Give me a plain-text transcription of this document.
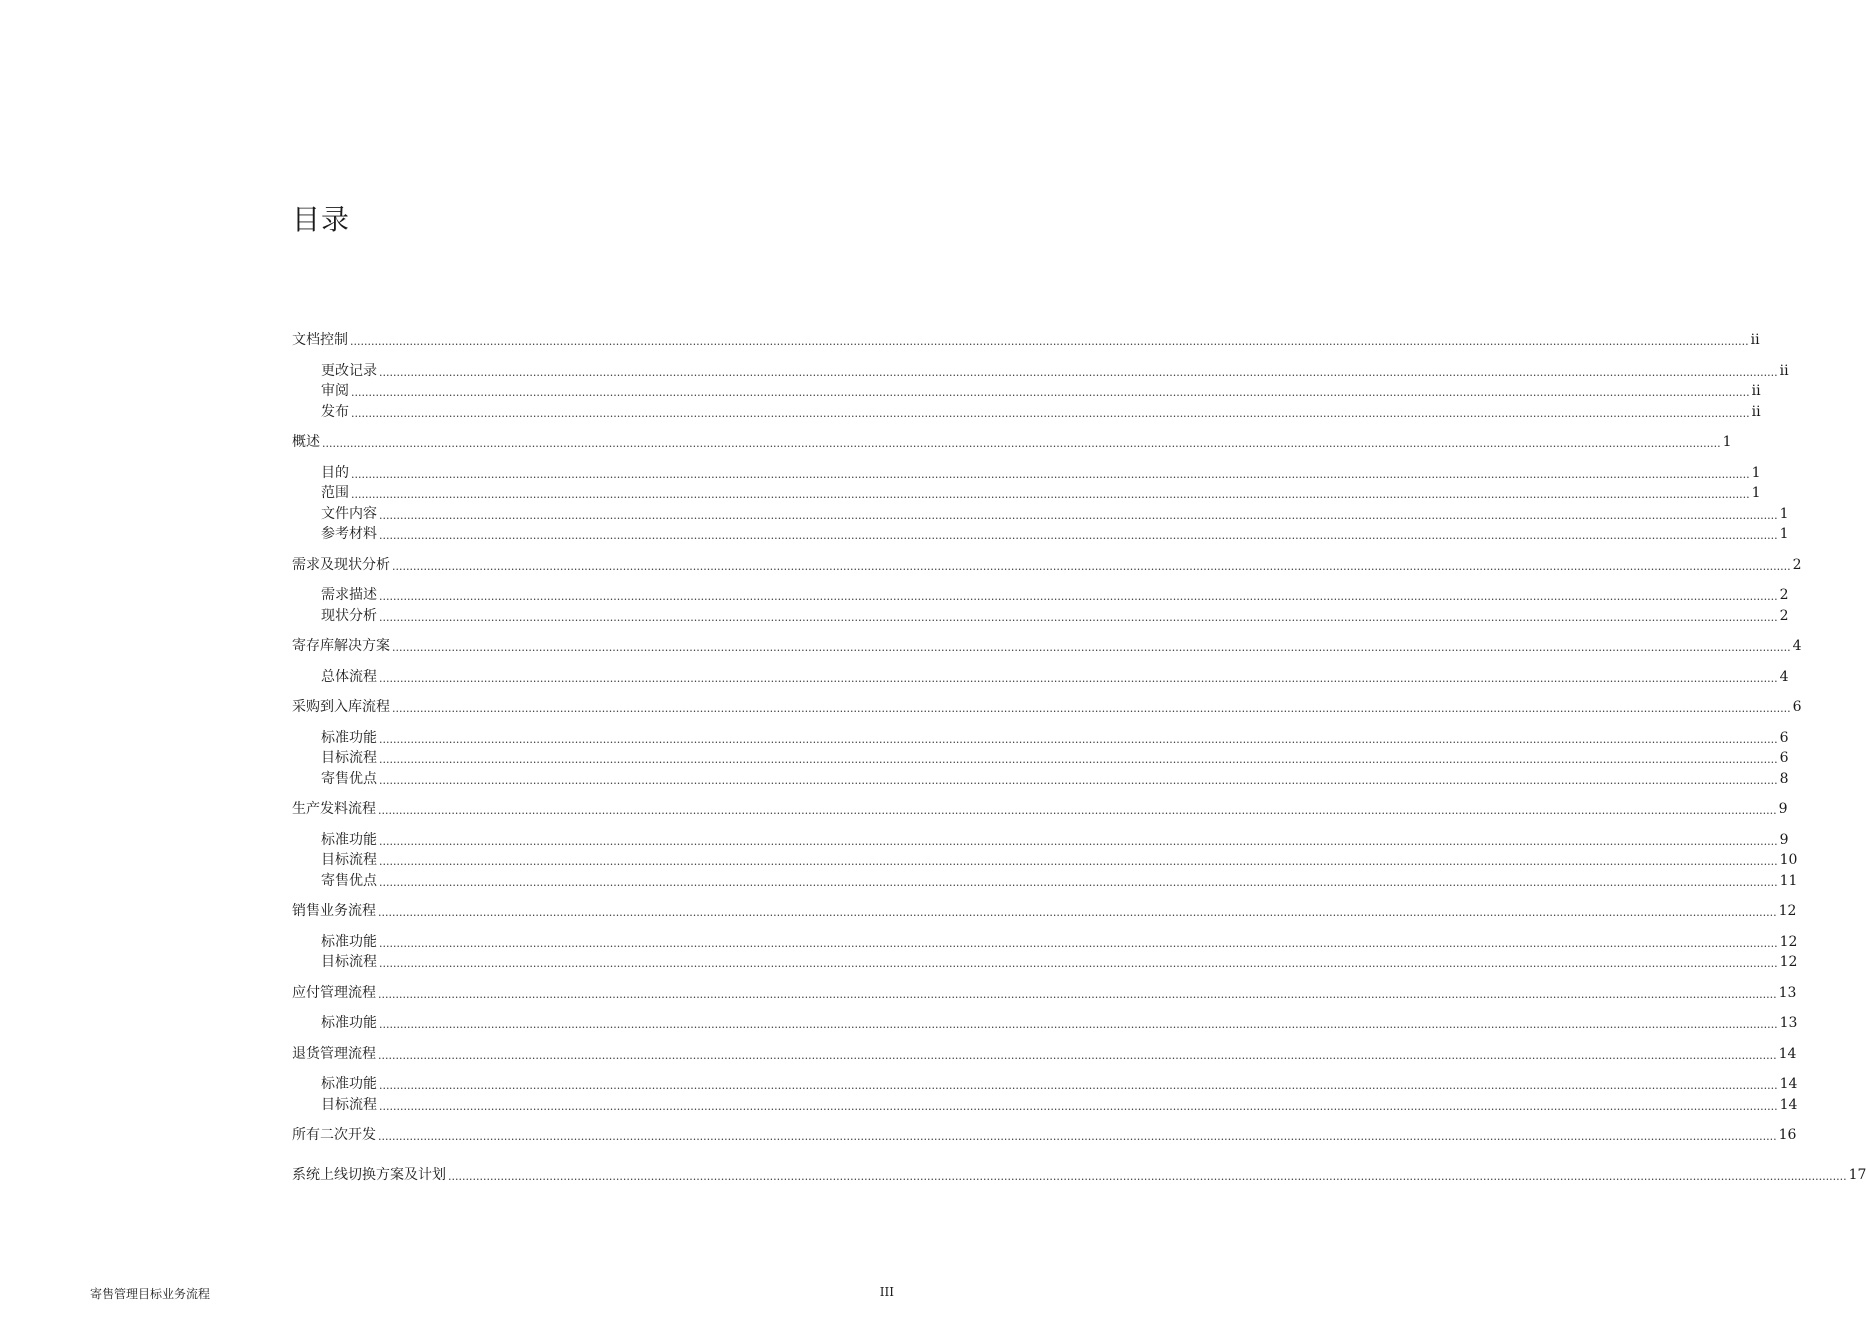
目录
文档控制 ................................................................................................................................................................................................................................................................................................................................................................................................................ ii
更改记录 ................................................................................................................................................................................................................................................................................................................................................................................................................ ii
审阅 ................................................................................................................................................................................................................................................................................................................................................................................................................ ii
发布 ................................................................................................................................................................................................................................................................................................................................................................................................................ ii
概述 ................................................................................................................................................................................................................................................................................................................................................................................................................ 1
目的 ................................................................................................................................................................................................................................................................................................................................................................................................................ 1
范围 ................................................................................................................................................................................................................................................................................................................................................................................................................ 1
文件内容 ................................................................................................................................................................................................................................................................................................................................................................................................................ 1
参考材料 ................................................................................................................................................................................................................................................................................................................................................................................................................ 1
需求及现状分析 ................................................................................................................................................................................................................................................................................................................................................................................................................ 2
需求描述 ................................................................................................................................................................................................................................................................................................................................................................................................................ 2
现状分析 ................................................................................................................................................................................................................................................................................................................................................................................................................ 2
寄存库解决方案 ................................................................................................................................................................................................................................................................................................................................................................................................................ 4
总体流程 ................................................................................................................................................................................................................................................................................................................................................................................................................ 4
采购到入库流程 ................................................................................................................................................................................................................................................................................................................................................................................................................ 6
标准功能 ................................................................................................................................................................................................................................................................................................................................................................................................................ 6
目标流程 ................................................................................................................................................................................................................................................................................................................................................................................................................ 6
寄售优点 ................................................................................................................................................................................................................................................................................................................................................................................................................ 8
生产发料流程 ................................................................................................................................................................................................................................................................................................................................................................................................................ 9
标准功能 ................................................................................................................................................................................................................................................................................................................................................................................................................ 9
目标流程 ................................................................................................................................................................................................................................................................................................................................................................................................................ 10
寄售优点 ................................................................................................................................................................................................................................................................................................................................................................................................................ 11
销售业务流程 ................................................................................................................................................................................................................................................................................................................................................................................................................ 12
标准功能 ................................................................................................................................................................................................................................................................................................................................................................................................................ 12
目标流程 ................................................................................................................................................................................................................................................................................................................................................................................................................ 12
应付管理流程 ................................................................................................................................................................................................................................................................................................................................................................................................................ 13
标准功能 ................................................................................................................................................................................................................................................................................................................................................................................................................ 13
退货管理流程 ................................................................................................................................................................................................................................................................................................................................................................................................................ 14
标准功能 ................................................................................................................................................................................................................................................................................................................................................................................................................ 14
目标流程 ................................................................................................................................................................................................................................................................................................................................................................................................................ 14
所有二次开发 ................................................................................................................................................................................................................................................................................................................................................................................................................ 16
系统上线切换方案及计划 ................................................................................................................................................................................................................................................................................................................................................................................................................ 17
寄售管理目标业务流程	III
